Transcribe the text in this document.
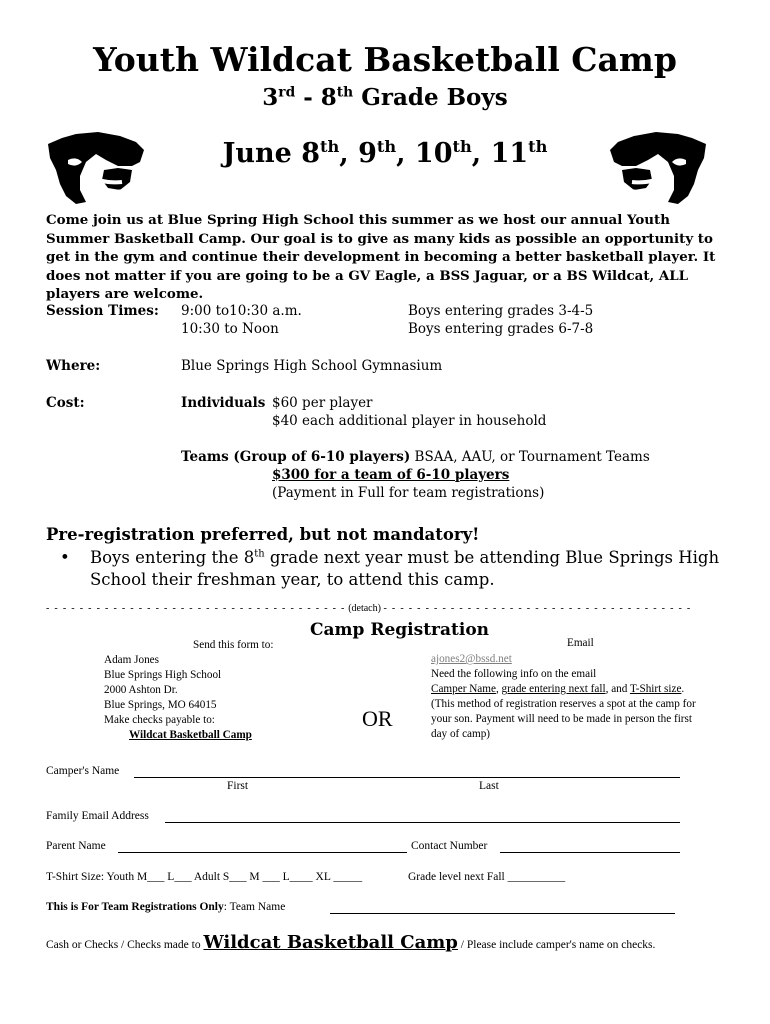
Youth Wildcat Basketball Camp
3rd - 8th Grade Boys
June 8th, 9th, 10th, 11th
Come join us at Blue Spring High School this summer as we host our annual Youth Summer Basketball Camp. Our goal is to give as many kids as possible an opportunity to get in the gym and continue their development in becoming a better basketball player. It does not matter if you are going to be a GV Eagle, a BSS Jaguar, or a BS Wildcat, ALL players are welcome.
Session Times: 9:00 to10:30 a.m.	Boys entering grades 3-4-5
10:30 to Noon	Boys entering grades 6-7-8
Where:	Blue Springs High School Gymnasium
Cost:	Individuals $60 per player
$40 each additional player in household
Teams (Group of 6-10 players) BSAA, AAU, or Tournament Teams
$300 for a team of 6-10 players
(Payment in Full for team registrations)
Pre-registration preferred, but not mandatory!
• Boys entering the 8th grade next year must be attending Blue Springs High School their freshman year, to attend this camp.
- - - - - - - - - - - - - - - - - - - - - - - - - - - - - - - - - - - - (detach) - - - - - - - - - - - - - - - - - - - - - - - - - - - - - - - - - - - - -
Camp Registration
Send this form to:
Adam Jones
Blue Springs High School
2000 Ashton Dr.
Blue Springs, MO 64015
Make checks payable to:
Wildcat Basketball Camp
OR
Email
ajones2@bssd.net
Need the following info on the email
Camper Name, grade entering next fall, and T-Shirt size.
(This method of registration reserves a spot at the camp for
your son. Payment will need to be made in person the first
day of camp)
Camper's Name
First	Last
Family Email Address
Parent Name	Contact Number
T-Shirt Size: Youth M___ L___ Adult S___ M ___ L____ XL _____	Grade level next Fall __________
This is For Team Registrations Only: Team Name
Cash or Checks / Checks made to Wildcat Basketball Camp / Please include camper's name on checks.
